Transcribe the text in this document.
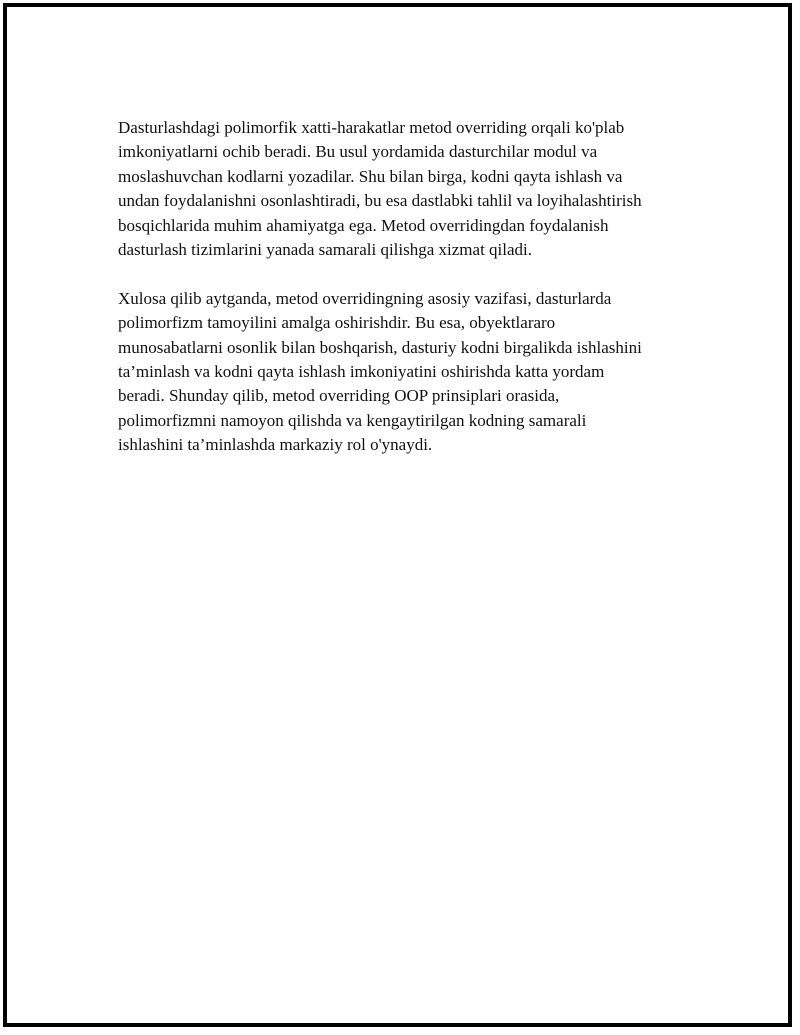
Dasturlashdagi polimorfik xatti-harakatlar metod overriding orqali ko'plab
imkoniyatlarni ochib beradi. Bu usul yordamida dasturchilar modul va
moslashuvchan kodlarni yozadilar. Shu bilan birga, kodni qayta ishlash va
undan foydalanishni osonlashtiradi, bu esa dastlabki tahlil va loyihalashtirish
bosqichlarida muhim ahamiyatga ega. Metod overridingdan foydalanish
dasturlash tizimlarini yanada samarali qilishga xizmat qiladi.

Xulosa qilib aytganda, metod overridingning asosiy vazifasi, dasturlarda
polimorfizm tamoyilini amalga oshirishdir. Bu esa, obyektlararo
munosabatlarni osonlik bilan boshqarish, dasturiy kodni birgalikda ishlashini
ta’minlash va kodni qayta ishlash imkoniyatini oshirishda katta yordam
beradi. Shunday qilib, metod overriding OOP prinsiplari orasida,
polimorfizmni namoyon qilishda va kengaytirilgan kodning samarali
ishlashini ta’minlashda markaziy rol o'ynaydi.
